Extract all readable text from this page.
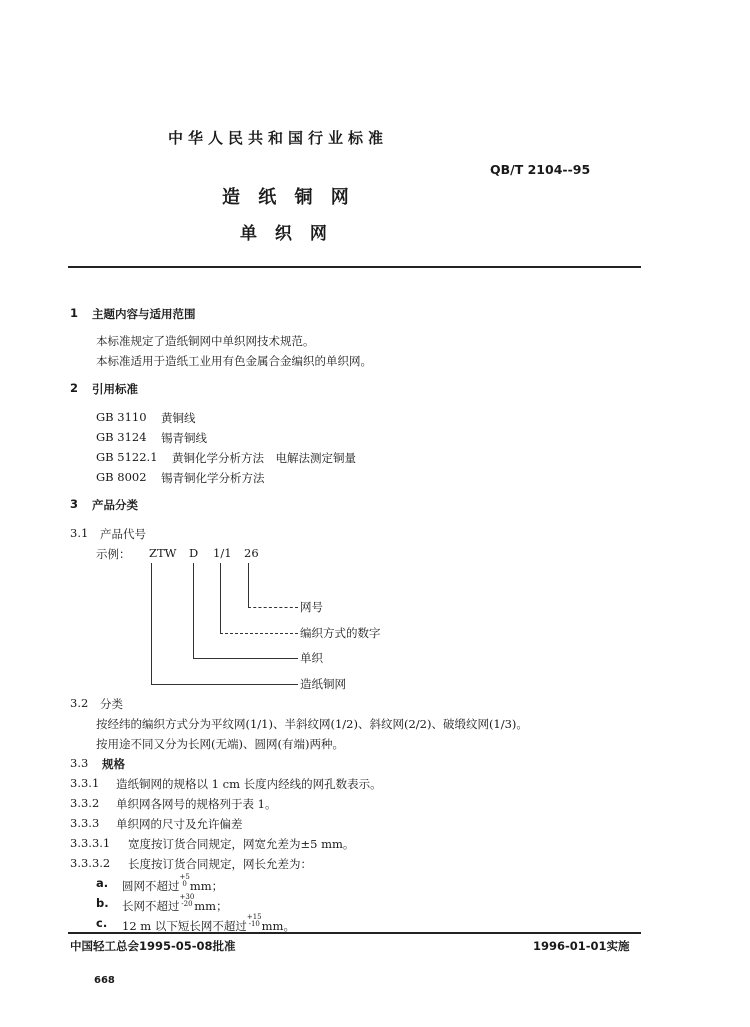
中华人民共和国行业标准
QB/T 2104--95
造 纸 铜 网
单 织 网
1 主题内容与适用范围
本标准规定了造纸铜网中单织网技术规范。
本标准适用于造纸工业用有色金属合金编织的单织网。
2 引用标准
GB 3110 黄铜线
GB 3124 锡青铜线
GB 5122.1 黄铜化学分析方法　电解法测定铜量
GB 8002 锡青铜化学分析方法
3 产品分类
3.1 产品代号
示例： ZTW D 1/1 26
网号
编织方式的数字
单织
造纸铜网
3.2 分类
按经纬的编织方式分为平纹网(1/1)、半斜纹网(1/2)、斜纹网(2/2)、破缎纹网(1/3)。
按用途不同又分为长网(无端)、圆网(有端)两种。
3.3 规格
3.3.1 造纸铜网的规格以 1 cm 长度内经线的网孔数表示。
3.3.2 单织网各网号的规格列于表 1。
3.3.3 单织网的尺寸及允许偏差
3.3.3.1 宽度按订货合同规定，网宽允差为±5 mm。
3.3.3.2 长度按订货合同规定，网长允差为：
a. 圆网不超过
$^{+5 0}$ mm；
b. 长网不超过
$^{+30 -20}$ mm；
c. 12 m 以下短长网不超过
$^{+15 -10}$ mm。
中国轻工总会1995-05-08批准	1996-01-01实施
668
